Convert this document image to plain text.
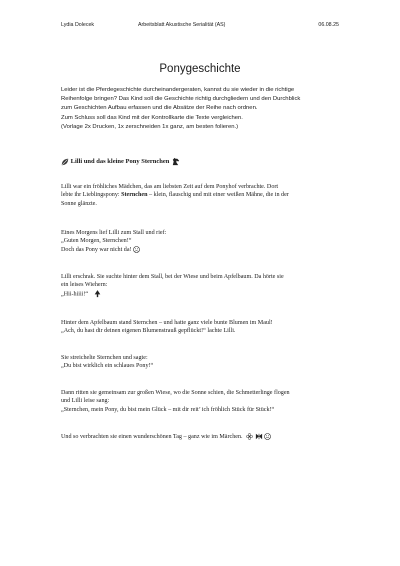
Lydia Dolecek	Arbeitsblatt Akustische Serialität (AS)	06.08.25
Ponygeschichte
Leider ist die Pferdegeschichte durcheinandergeraten, kannst du sie wieder in die richtige
Reihenfolge bringen? Das Kind soll die Geschichte richtig durchgliedern und den Durchblick
zum Geschichten Aufbau erfassen und die Absätze der Reihe nach ordnen.
Zum Schluss soll das Kind mit der Kontrollkarte die Texte vergleichen.
(Vorlage 2x Drucken, 1x zerschneiden 1x ganz, am besten folieren.)
Lilli und das kleine Pony Sternchen
Lilli war ein fröhliches Mädchen, das am liebsten Zeit auf dem Ponyhof verbrachte. Dort
lebte ihr Lieblingspony: Sternchen – klein, flauschig und mit einer weißen Mähne, die in der
Sonne glänzte.
Eines Morgens lief Lilli zum Stall und rief:
„Guten Morgen, Sternchen!“
Doch das Pony war nicht da!
Lilli erschrak. Sie suchte hinter dem Stall, bei der Wiese und beim Apfelbaum. Da hörte sie
ein leises Wiehern:
„Hii-hiiii!“
Hinter dem Apfelbaum stand Sternchen – und hatte ganz viele bunte Blumen im Maul!
„Ach, du hast dir deinen eigenen Blumenstrauß gepflückt!“ lachte Lilli.
Sie streichelte Sternchen und sagte:
„Du bist wirklich ein schlaues Pony!“
Dann ritten sie gemeinsam zur großen Wiese, wo die Sonne schien, die Schmetterlinge flogen
und Lilli leise sang:
„Sternchen, mein Pony, du bist mein Glück – mit dir reit’ ich fröhlich Stück für Stück!“
Und so verbrachten sie einen wunderschönen Tag – ganz wie im Märchen.
